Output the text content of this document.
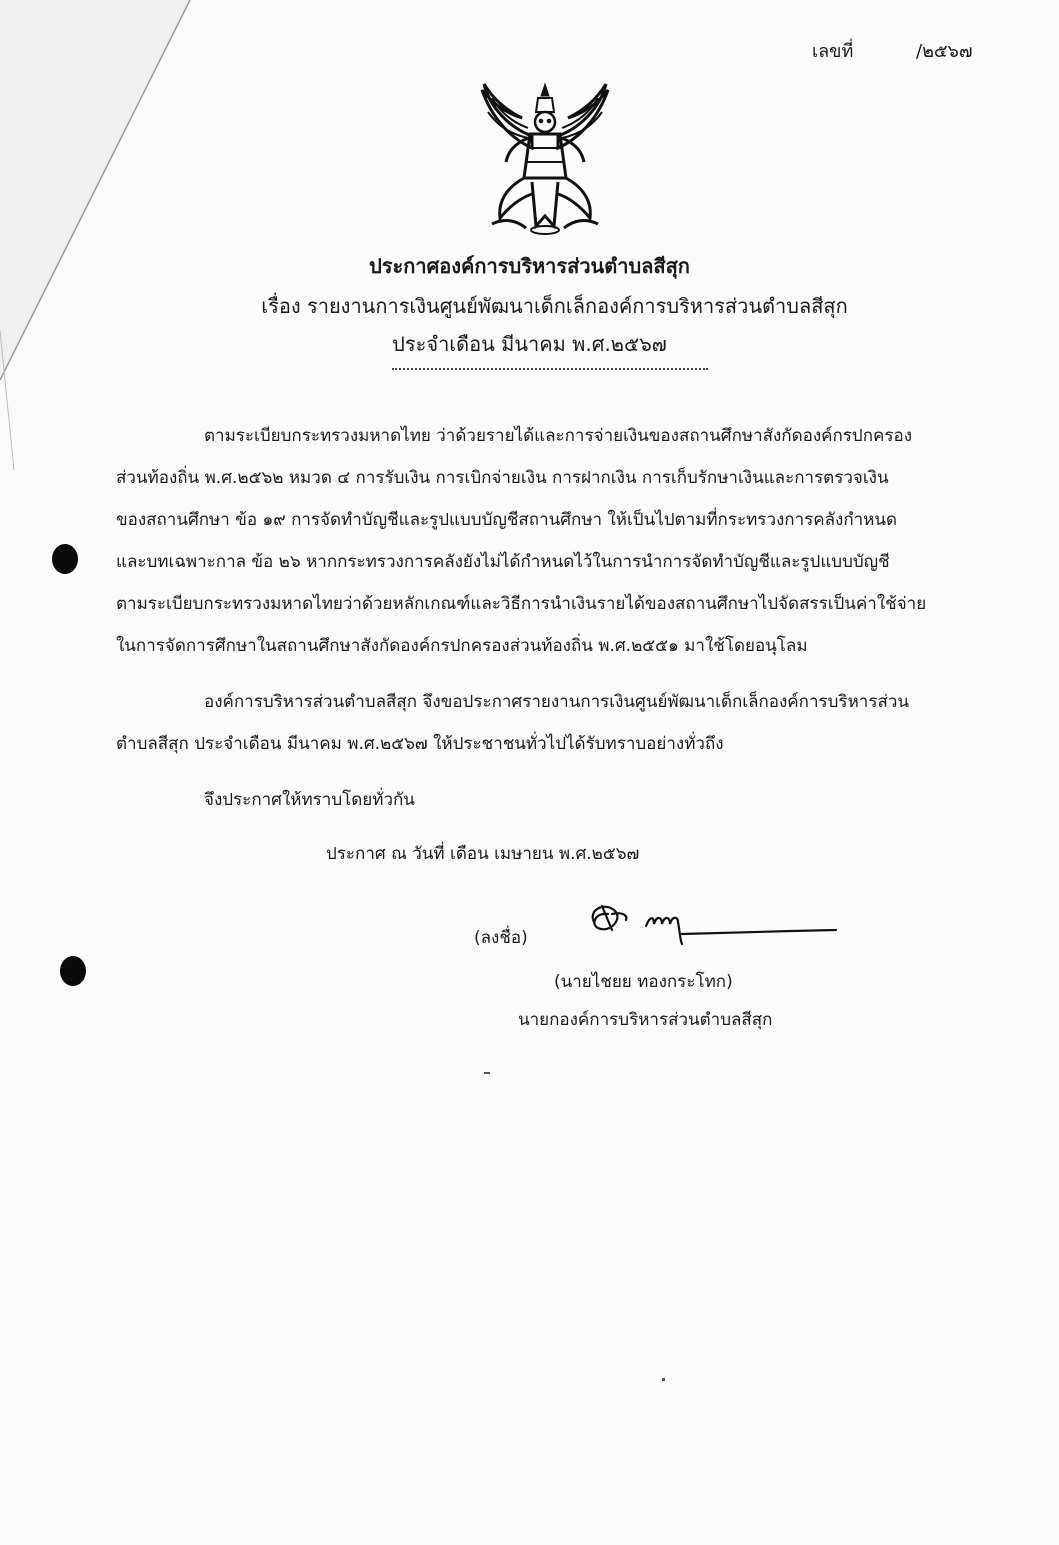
เลขที่	/๒๕๖๗
ประกาศองค์การบริหารส่วนตำบลสีสุก
เรื่อง รายงานการเงินศูนย์พัฒนาเด็กเล็กองค์การบริหารส่วนตำบลสีสุก
ประจำเดือน มีนาคม พ.ศ.๒๕๖๗
ตามระเบียบกระทรวงมหาดไทย ว่าด้วยรายได้และการจ่ายเงินของสถานศึกษาสังกัดองค์กรปกครอง
ส่วนท้องถิ่น พ.ศ.๒๕๖๒ หมวด ๔ การรับเงิน การเบิกจ่ายเงิน การฝากเงิน การเก็บรักษาเงินและการตรวจเงิน
ของสถานศึกษา ข้อ ๑๙ การจัดทำบัญชีและรูปแบบบัญชีสถานศึกษา ให้เป็นไปตามที่กระทรวงการคลังกำหนด
และบทเฉพาะกาล ข้อ ๒๖ หากกระทรวงการคลังยังไม่ได้กำหนดไว้ในการนำการจัดทำบัญชีและรูปแบบบัญชี
ตามระเบียบกระทรวงมหาดไทยว่าด้วยหลักเกณฑ์และวิธีการนำเงินรายได้ของสถานศึกษาไปจัดสรรเป็นค่าใช้จ่าย
ในการจัดการศึกษาในสถานศึกษาสังกัดองค์กรปกครองส่วนท้องถิ่น พ.ศ.๒๕๕๑ มาใช้โดยอนุโลม
องค์การบริหารส่วนตำบลสีสุก จึงขอประกาศรายงานการเงินศูนย์พัฒนาเด็กเล็กองค์การบริหารส่วน
ตำบลสีสุก ประจำเดือน มีนาคม พ.ศ.๒๕๖๗ ให้ประชาชนทั่วไปได้รับทราบอย่างทั่วถึง
จึงประกาศให้ทราบโดยทั่วกัน
ประกาศ ณ วันที่ เดือน เมษายน พ.ศ.๒๕๖๗
(ลงชื่อ)
(นายไชยย ทองกระโทก)
นายกองค์การบริหารส่วนตำบลสีสุก
